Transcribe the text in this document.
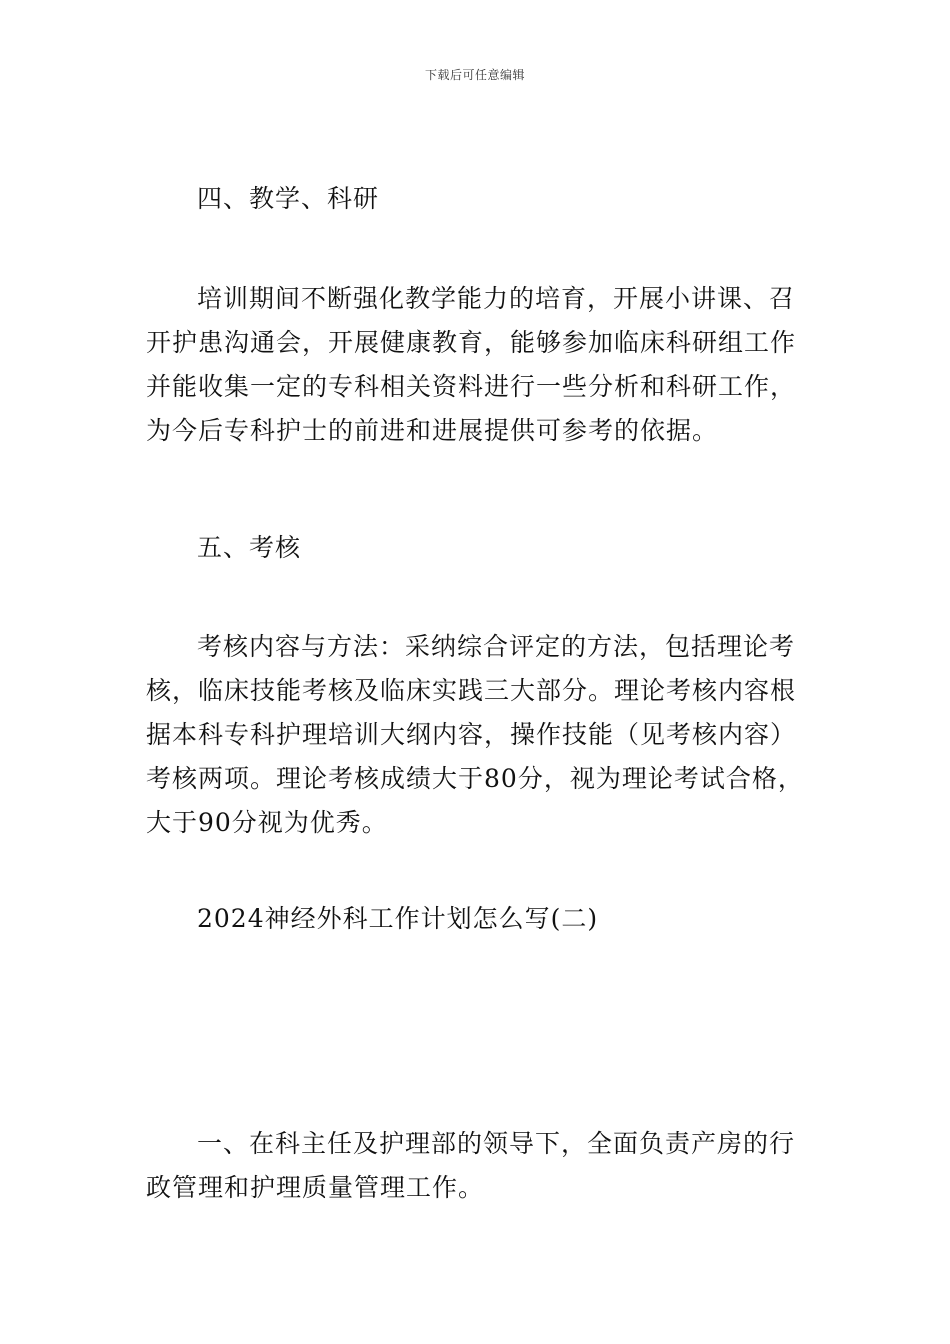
下载后可任意编辑

四、教学、科研

培训期间不断强化教学能力的培育，开展小讲课、召开护患沟通会，开展健康教育，能够参加临床科研组工作并能收集一定的专科相关资料进行一些分析和科研工作，为今后专科护士的前进和进展提供可参考的依据。

五、考核

考核内容与方法：采纳综合评定的方法，包括理论考核，临床技能考核及临床实践三大部分。理论考核内容根据本科专科护理培训大纲内容，操作技能（见考核内容）考核两项。理论考核成绩大于80分，视为理论考试合格，大于90分视为优秀。

2024神经外科工作计划怎么写(二)

一、在科主任及护理部的领导下，全面负责产房的行政管理和护理质量管理工作。
